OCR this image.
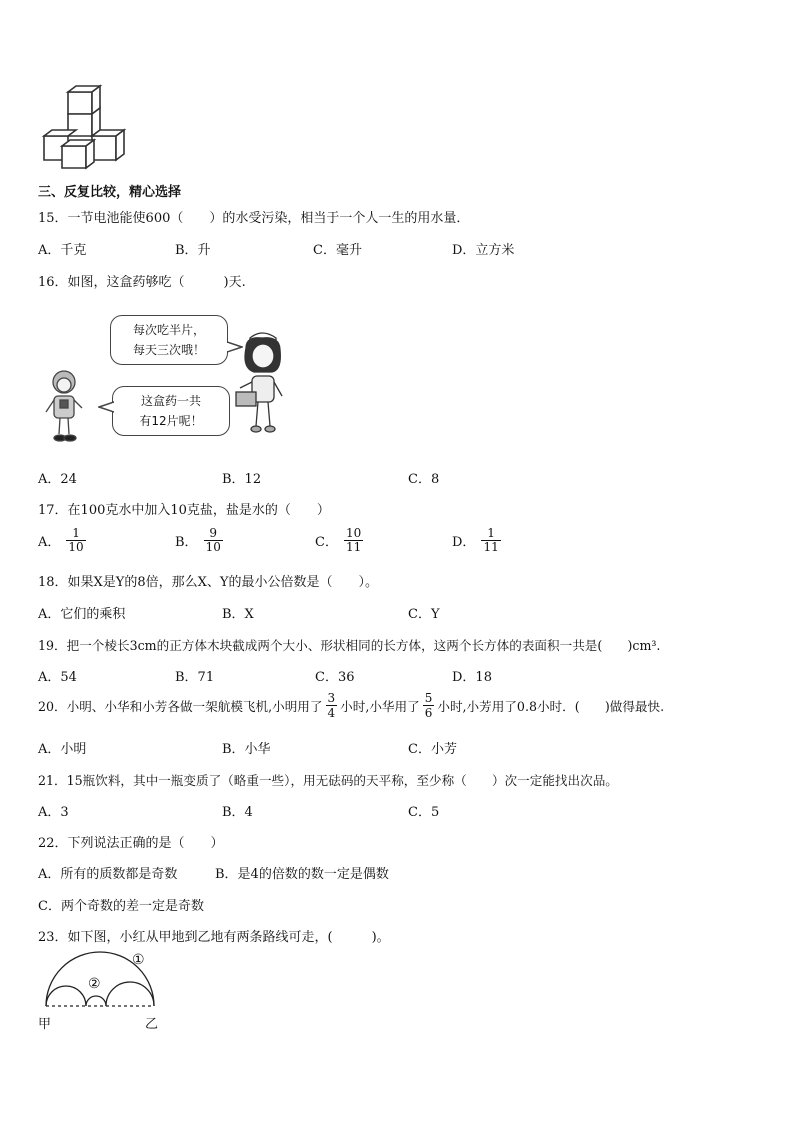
三、反复比较，精心选择
15．一节电池能使600（　　）的水受污染，相当于一个人一生的用水量．
A．千克	B．升	C．毫升	D．立方米
16．如图，这盒药够吃（　　　)天.
每次吃半片，
每天三次哦！
这盒药一共
有12片呢！
A．24	B．12	C．8
17．在100克水中加入10克盐，盐是水的（　　）
A． $\frac{1}{10}$	B． $\frac{9}{10}$	C． $\frac{10}{11}$	D． $\frac{1}{11}$
18．如果X是Y的8倍，那么X、Y的最小公倍数是（　　）。
A．它们的乘积	B．X	C．Y
19．把一个棱长3cm的正方体木块截成两个大小、形状相同的长方体，这两个长方体的表面积一共是(　　)cm³.
A．54	B．71	C．36	D．18
20．小明、小华和小芳各做一架航模飞机,小明用了 $\frac{3}{4}$ 小时,小华用了 $\frac{5}{6}$ 小时,小芳用了0.8小时．(　　)做得最快.
A．小明	B．小华	C．小芳
21．15瓶饮料，其中一瓶变质了（略重一些），用无砝码的天平称，至少称（　　）次一定能找出次品。
A．3	B．4	C．5
22．下列说法正确的是（　　）
A．所有的质数都是奇数	B．是4的倍数的数一定是偶数
C．两个奇数的差一定是奇数
23．如下图，小红从甲地到乙地有两条路线可走，(　　　)。
①
②
甲	乙
